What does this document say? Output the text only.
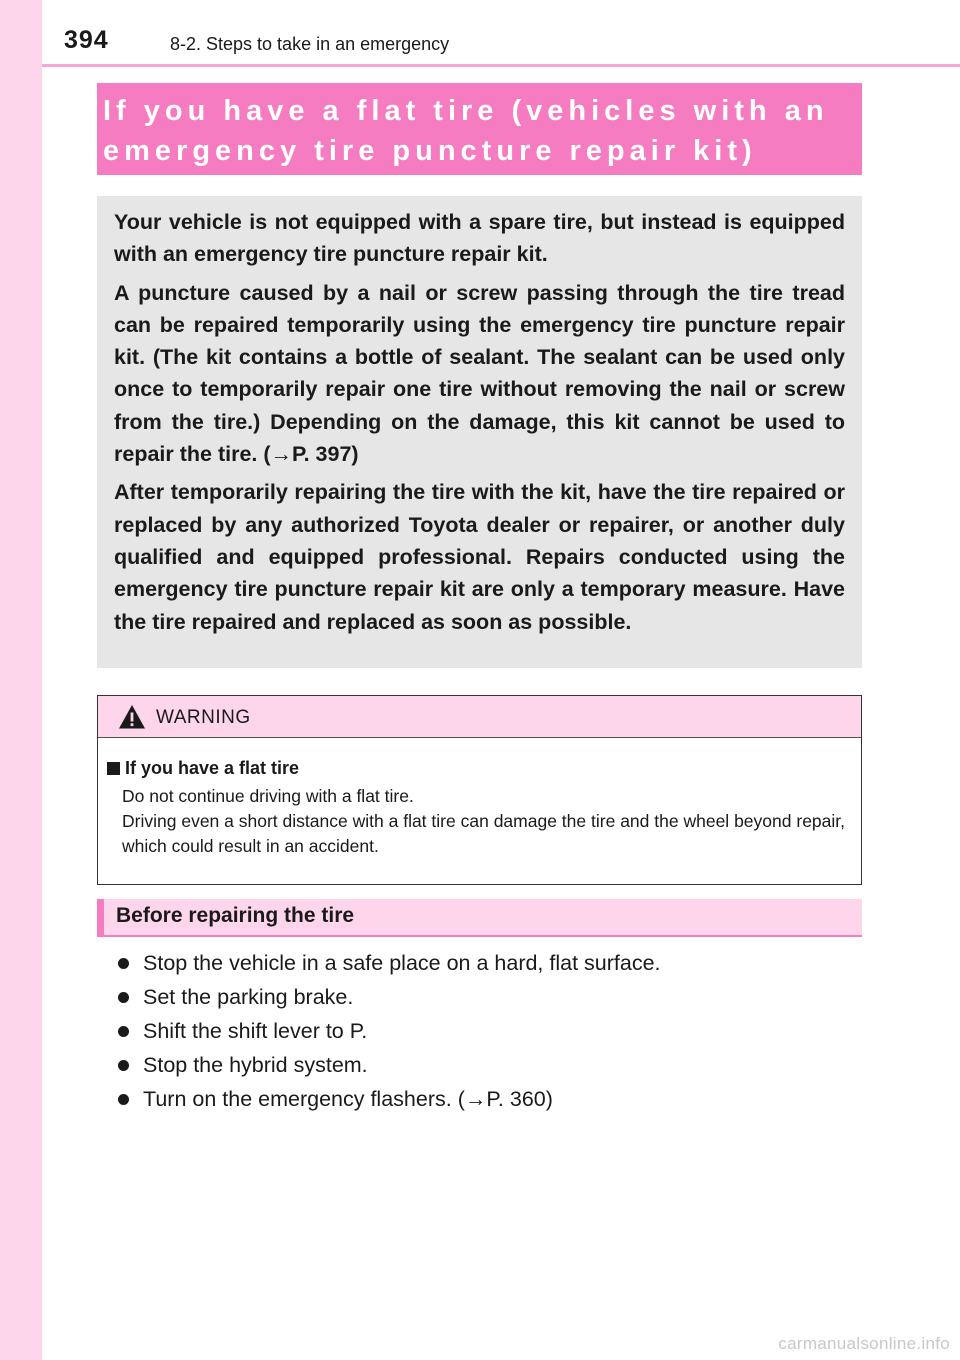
394	8-2. Steps to take in an emergency
If you have a flat tire (vehicles with an
emergency tire puncture repair kit)

Your vehicle is not equipped with a spare tire, but instead is equipped with an emergency tire puncture repair kit.

A puncture caused by a nail or screw passing through the tire tread can be repaired temporarily using the emergency tire puncture repair kit. (The kit contains a bottle of sealant. The sealant can be used only once to temporarily repair one tire without removing the nail or screw from the tire.) Depending on the damage, this kit cannot be used to repair the tire. (→P. 397)

After temporarily repairing the tire with the kit, have the tire repaired or replaced by any authorized Toyota dealer or repairer, or another duly qualified and equipped professional. Repairs conducted using the emergency tire puncture repair kit are only a temporary measure. Have the tire repaired and replaced as soon as possible.

WARNING
If you have a flat tire

Do not continue driving with a flat tire.

Driving even a short distance with a flat tire can damage the tire and the wheel beyond repair, which could result in an accident.

Before repairing the tire
Stop the vehicle in a safe place on a hard, flat surface.
Set the parking brake.
Shift the shift lever to P.
Stop the hybrid system.
Turn on the emergency flashers. (→P. 360)
carmanualsonline.info
